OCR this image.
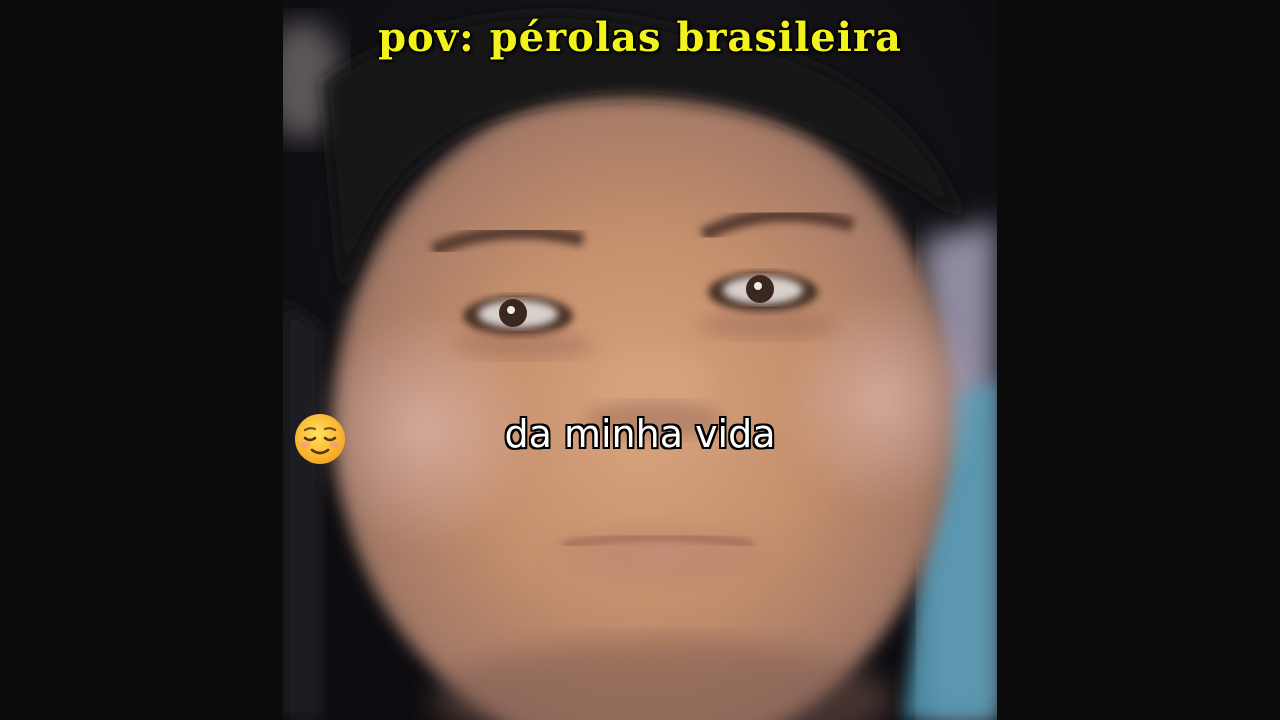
pov: pérolas brasileira
da minha vida
